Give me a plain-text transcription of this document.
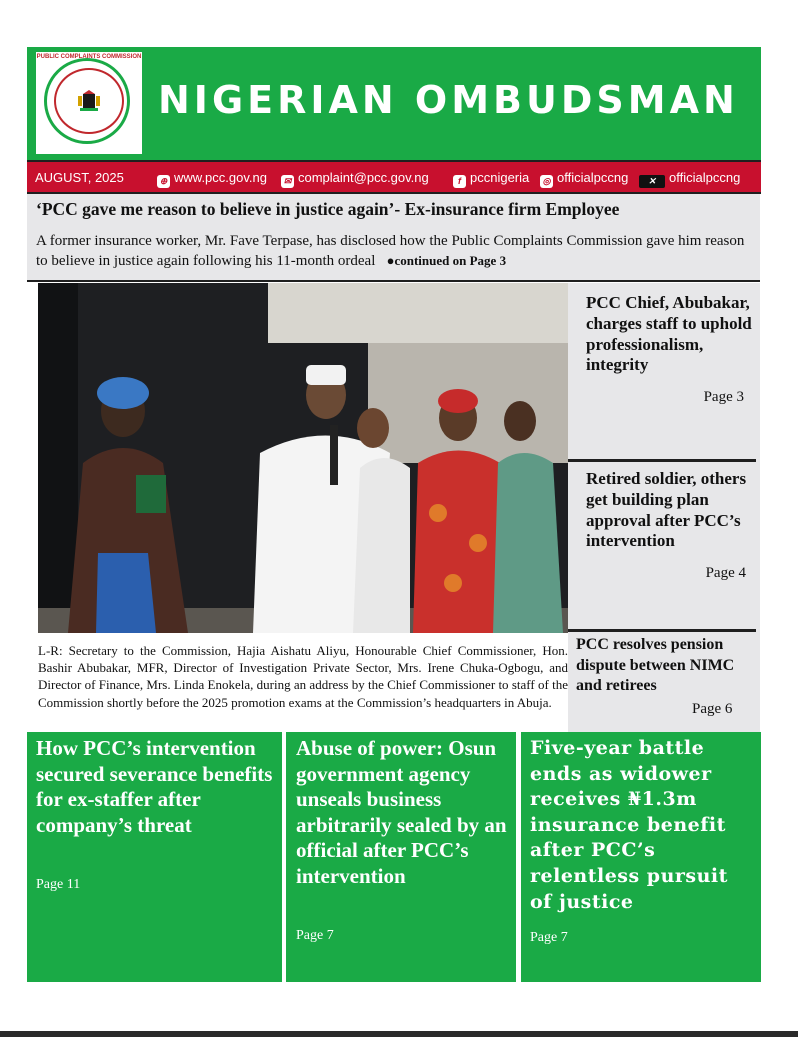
PUBLIC COMPLAINTS COMMISSION
NIGERIAN OMBUDSMAN
AUGUST, 2025	⊕ www.pcc.gov.ng	✉ complaint@pcc.gov.ng	f pccnigeria ◎ officialpccng	✕ officialpccng
‘PCC gave me reason to believe in justice again’- Ex-insurance firm Employee
A former insurance worker, Mr. Fave Terpase, has disclosed how the Public Complaints Commission gave him reason to believe in justice again following his 11-month ordeal ●continued on Page 3
L-R: Secretary to the Commission, Hajia Aishatu Aliyu, Honourable Chief Commissioner, Hon. Bashir Abubakar, MFR, Director of Investigation Private Sector, Mrs. Irene Chuka-Ogbogu, and Director of Finance, Mrs. Linda Enokela, during an address by the Chief Commissioner to staff of the Commission shortly before the 2025 promotion exams at the Commission’s headquarters in Abuja.
PCC Chief, Abubakar, charges staff to uphold professionalism, integrity
Page 3
Retired soldier, others get building plan approval after PCC’s intervention
Page 4
PCC resolves pension dispute between NIMC and retirees
Page 6
How PCC’s intervention secured severance benefits for ex-staffer after company’s threat
Page 11
Abuse of power: Osun government agency unseals business arbitrarily sealed by an official after PCC’s intervention
Page 7
Five-year battle ends as widower receives ₦1.3m insurance benefit after PCC’s relentless pursuit of justice
Page 7
